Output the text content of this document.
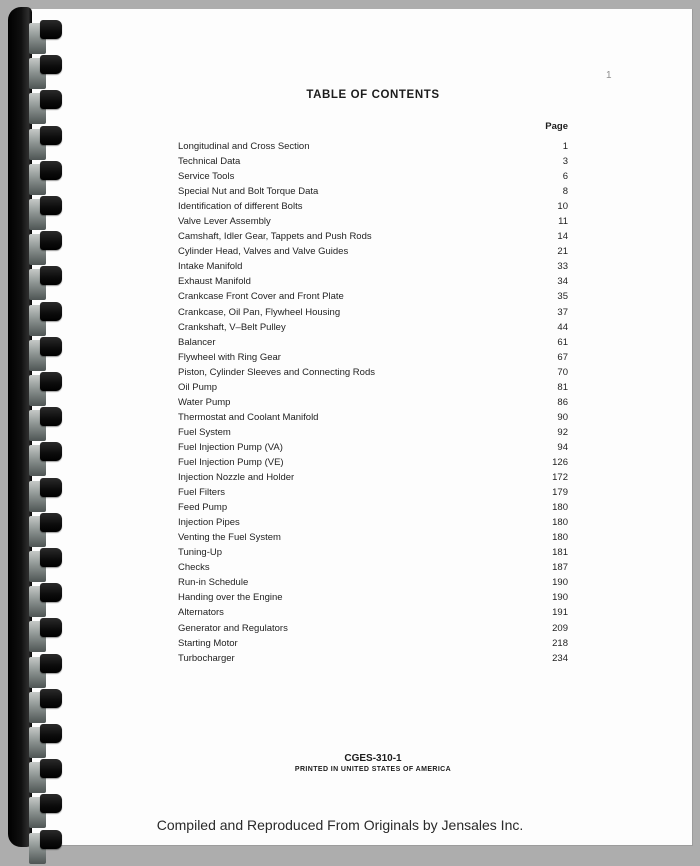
1
TABLE OF CONTENTS
Page
Longitudinal and Cross Section	1
Technical Data	3
Service Tools	6
Special Nut and Bolt Torque Data	8
Identification of different Bolts	10
Valve Lever Assembly	11
Camshaft, Idler Gear, Tappets and Push Rods	14
Cylinder Head, Valves and Valve Guides	21
Intake Manifold	33
Exhaust Manifold	34
Crankcase Front Cover and Front Plate	35
Crankcase, Oil Pan, Flywheel Housing	37
Crankshaft, V–Belt Pulley	44
Balancer	61
Flywheel with Ring Gear	67
Piston, Cylinder Sleeves and Connecting Rods	70
Oil Pump	81
Water Pump	86
Thermostat and Coolant Manifold	90
Fuel System	92
Fuel Injection Pump (VA)	94
Fuel Injection Pump (VE)	126
Injection Nozzle and Holder	172
Fuel Filters	179
Feed Pump	180
Injection Pipes	180
Venting the Fuel System	180
Tuning-Up	181
Checks	187
Run-in Schedule	190
Handing over the Engine	190
Alternators	191
Generator and Regulators	209
Starting Motor	218
Turbocharger	234
CGES-310-1
PRINTED IN UNITED STATES OF AMERICA
Compiled and Reproduced From Originals by Jensales Inc.
